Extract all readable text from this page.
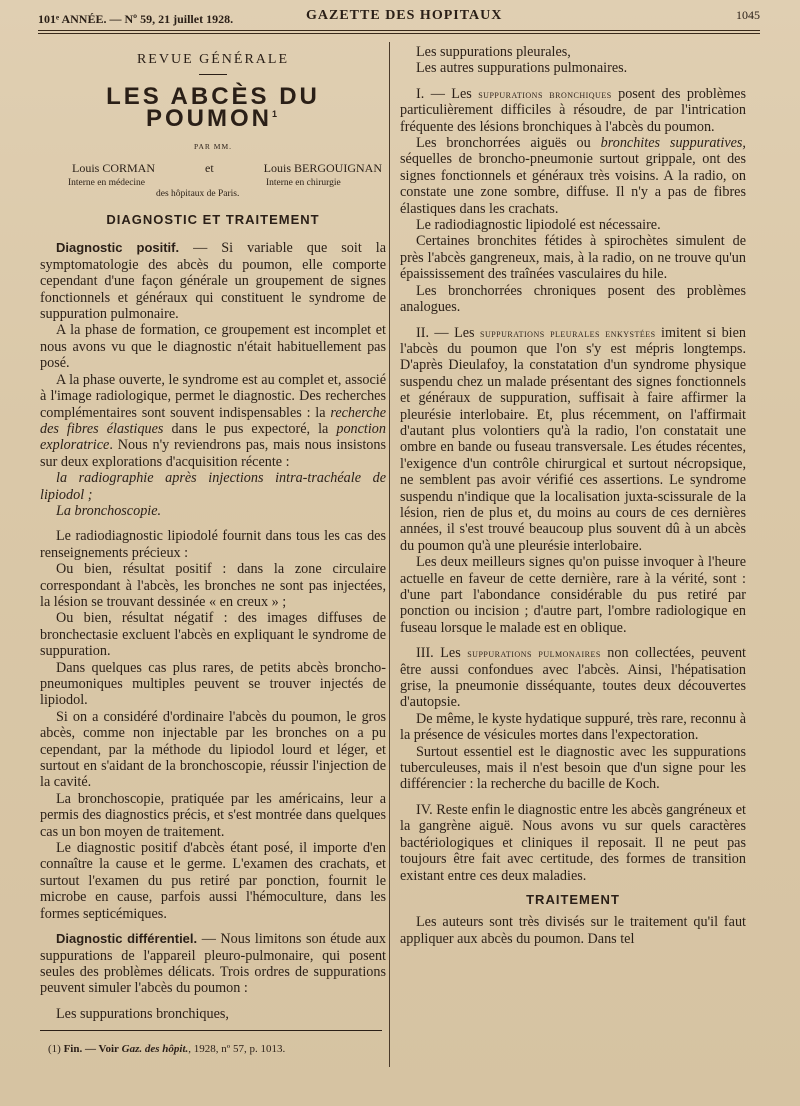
101ᵉ ANNÉE. — Nº 59, 21 juillet 1928.	GAZETTE DES HOPITAUX	1045
REVUE GÉNÉRALE
LES ABCÈS DU POUMON$^1$
PAR MM.
Louis CORMAN	et	Louis BERGOUIGNAN
Interne en médecine	Interne en chirurgie
des hôpitaux de Paris.
DIAGNOSTIC ET TRAITEMENT

Diagnostic positif. — Si variable que soit la symptomatologie des abcès du poumon, elle comporte cependant d'une façon générale un groupement de signes fonctionnels et généraux qui constituent le syndrome de suppuration pulmonaire.

A la phase de formation, ce groupement est incomplet et nous avons vu que le diagnostic n'était habituellement pas posé.

A la phase ouverte, le syndrome est au complet et, associé à l'image radiologique, permet le diagnostic. Des recherches complémentaires sont souvent indispensables : la recherche des fibres élastiques dans le pus expectoré, la ponction exploratrice. Nous n'y reviendrons pas, mais nous insistons sur deux explorations d'acquisition récente :

la radiographie après injections intra-trachéale de lipiodol ;

La bronchoscopie.

Le radiodiagnostic lipiodolé fournit dans tous les cas des renseignements précieux :

Ou bien, résultat positif : dans la zone circulaire correspondant à l'abcès, les bronches ne sont pas injectées, la lésion se trouvant dessinée « en creux » ;

Ou bien, résultat négatif : des images diffuses de bronchectasie excluent l'abcès en expliquant le syndrome de suppuration.

Dans quelques cas plus rares, de petits abcès broncho-pneumoniques multiples peuvent se trouver injectés de lipiodol.

Si on a considéré d'ordinaire l'abcès du poumon, le gros abcès, comme non injectable par les bronches on a pu cependant, par la méthode du lipiodol lourd et léger, et surtout en s'aidant de la bronchoscopie, réussir l'injection de la cavité.

La bronchoscopie, pratiquée par les américains, leur a permis des diagnostics précis, et s'est montrée dans quelques cas un bon moyen de traitement.

Le diagnostic positif d'abcès étant posé, il importe d'en connaître la cause et le germe. L'examen des crachats, et surtout l'examen du pus retiré par ponction, fournit le microbe en cause, parfois aussi l'hémoculture, dans les formes septicémiques.

Diagnostic différentiel. — Nous limitons son étude aux suppurations de l'appareil pleuro-pulmonaire, qui posent seules des problèmes délicats. Trois ordres de suppurations peuvent simuler l'abcès du poumon :

Les suppurations bronchiques,

(1) Fin. — Voir Gaz. des hôpit., 1928, nº 57, p. 1013.

Les suppurations pleurales,

Les autres suppurations pulmonaires.

I. — Les suppurations bronchiques posent des problèmes particulièrement difficiles à résoudre, de par l'intrication fréquente des lésions bronchiques à l'abcès du poumon.

Les bronchorrées aiguës ou bronchites suppuratives, séquelles de broncho-pneumonie surtout grippale, ont des signes fonctionnels et généraux très voisins. A la radio, on constate une zone sombre, diffuse. Il n'y a pas de fibres élastiques dans les crachats.

Le radiodiagnostic lipiodolé est nécessaire.

Certaines bronchites fétides à spirochètes simulent de près l'abcès gangreneux, mais, à la radio, on ne trouve qu'un épaississement des traînées vasculaires du hile.

Les bronchorrées chroniques posent des problèmes analogues.

II. — Les suppurations pleurales enkystées imitent si bien l'abcès du poumon que l'on s'y est mépris longtemps. D'après Dieulafoy, la constatation d'un syndrome physique suspendu chez un malade présentant des signes fonctionnels et généraux de suppuration, suffisait à faire affirmer la pleurésie interlobaire. Et, plus récemment, on l'affirmait d'autant plus volontiers qu'à la radio, l'on constatait une ombre en bande ou fuseau transversale. Les études récentes, l'exigence d'un contrôle chirurgical et surtout nécropsique, ne semblent pas avoir vérifié ces assertions. Le syndrome suspendu n'indique que la localisation juxta-scissurale de la lésion, rien de plus et, du moins au cours de ces dernières années, il s'est trouvé beaucoup plus souvent dû à un abcès du poumon qu'à une pleurésie interlobaire.

Les deux meilleurs signes qu'on puisse invoquer à l'heure actuelle en faveur de cette dernière, rare à la vérité, sont : d'une part l'abondance considérable du pus retiré par ponction ou incision ; d'autre part, l'ombre radiologique en fuseau lorsque le malade est en oblique.

III. Les suppurations pulmonaires non collectées, peuvent être aussi confondues avec l'abcès. Ainsi, l'hépatisation grise, la pneumonie disséquante, toutes deux découvertes d'autopsie.

De même, le kyste hydatique suppuré, très rare, reconnu à la présence de vésicules mortes dans l'expectoration.

Surtout essentiel est le diagnostic avec les suppurations tuberculeuses, mais il n'est besoin que d'un signe pour les différencier : la recherche du bacille de Koch.

IV. Reste enfin le diagnostic entre les abcès gangréneux et la gangrène aiguë. Nous avons vu sur quels caractères bactériologiques et cliniques il reposait. Il ne peut pas toujours être fait avec certitude, des formes de transition existant entre ces deux maladies.

TRAITEMENT

Les auteurs sont très divisés sur le traitement qu'il faut appliquer aux abcès du poumon. Dans tel
